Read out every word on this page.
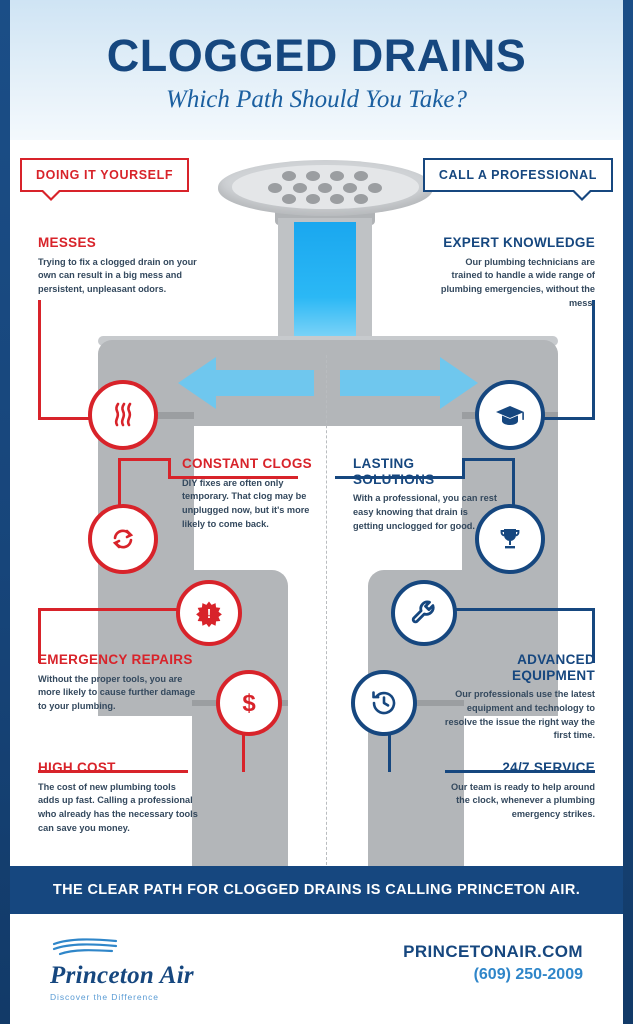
CLOGGED DRAINS
Which Path Should You Take?
DOING IT YOURSELF	CALL A PROFESSIONAL
MESSES

Trying to fix a clogged drain on your own can result in a big mess and persistent, unpleasant odors.

CONSTANT CLOGS

DIY fixes are often only temporary. That clog may be unplugged now, but it's more likely to come back.

!
EMERGENCY REPAIRS

Without the proper tools, you are more likely to cause further damage to your plumbing.	$
HIGH COST

The cost of new plumbing tools adds up fast. Calling a professional who already has the necessary tools can save you money.

EXPERT KNOWLEDGE

Our plumbing technicians are trained to handle a wide range of plumbing emergencies, without the mess.

LASTING SOLUTIONS

With a professional, you can rest easy knowing that drain is getting unclogged for good.

ADVANCED EQUIPMENT

Our professionals use the latest equipment and technology to resolve the issue the right way the first time.

24/7 SERVICE

Our team is ready to help around the clock, whenever a plumbing emergency strikes.

THE CLEAR PATH FOR CLOGGED DRAINS IS CALLING PRINCETON AIR.
Princeton Air
Discover the Difference
PRINCETONAIR.COM
(609) 250-2009
